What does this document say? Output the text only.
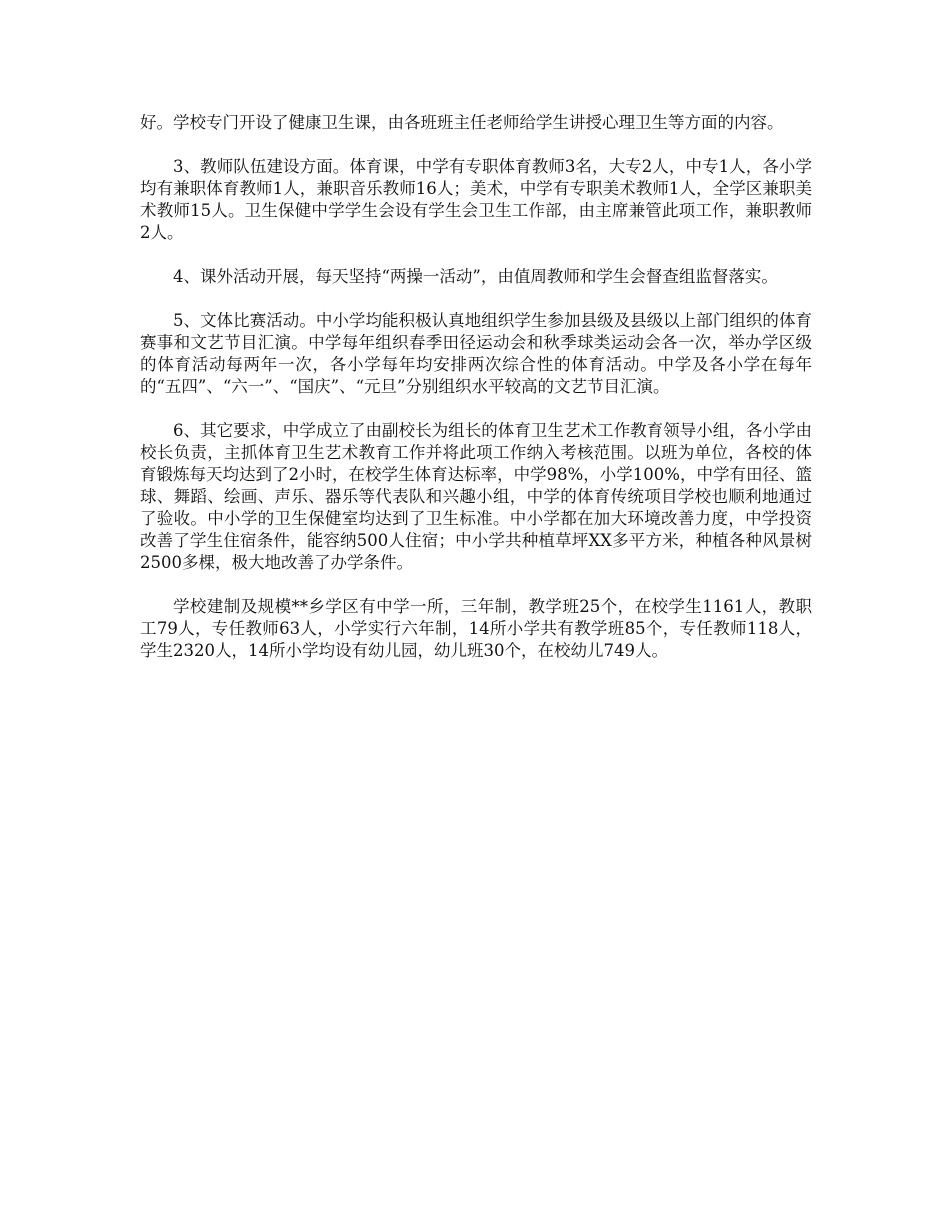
好。学校专门开设了健康卫生课，由各班班主任老师给学生讲授心理卫生等方面的内容。

3、教师队伍建设方面。体育课，中学有专职体育教师3名，大专2人，中专1人，各小学均有兼职体育教师1人，兼职音乐教师16人；美术，中学有专职美术教师1人，全学区兼职美术教师15人。卫生保健中学学生会设有学生会卫生工作部，由主席兼管此项工作，兼职教师2人。

4、课外活动开展，每天坚持“两操一活动”，由值周教师和学生会督查组监督落实。

5、文体比赛活动。中小学均能积极认真地组织学生参加县级及县级以上部门组织的体育赛事和文艺节目汇演。中学每年组织春季田径运动会和秋季球类运动会各一次，举办学区级的体育活动每两年一次，各小学每年均安排两次综合性的体育活动。中学及各小学在每年的“五四”、“六一”、“国庆”、“元旦”分别组织水平较高的文艺节目汇演。

6、其它要求，中学成立了由副校长为组长的体育卫生艺术工作教育领导小组，各小学由校长负责，主抓体育卫生艺术教育工作并将此项工作纳入考核范围。以班为单位，各校的体育锻炼每天均达到了2小时，在校学生体育达标率，中学98%，小学100%，中学有田径、篮球、舞蹈、绘画、声乐、器乐等代表队和兴趣小组，中学的体育传统项目学校也顺利地通过了验收。中小学的卫生保健室均达到了卫生标准。中小学都在加大环境改善力度，中学投资改善了学生住宿条件，能容纳500人住宿；中小学共种植草坪XX多平方米，种植各种风景树2500多棵，极大地改善了办学条件。

学校建制及规模**乡学区有中学一所，三年制，教学班25个，在校学生1161人，教职工79人，专任教师63人，小学实行六年制，14所小学共有教学班85个，专任教师118人，学生2320人，14所小学均设有幼儿园，幼儿班30个，在校幼儿749人。
